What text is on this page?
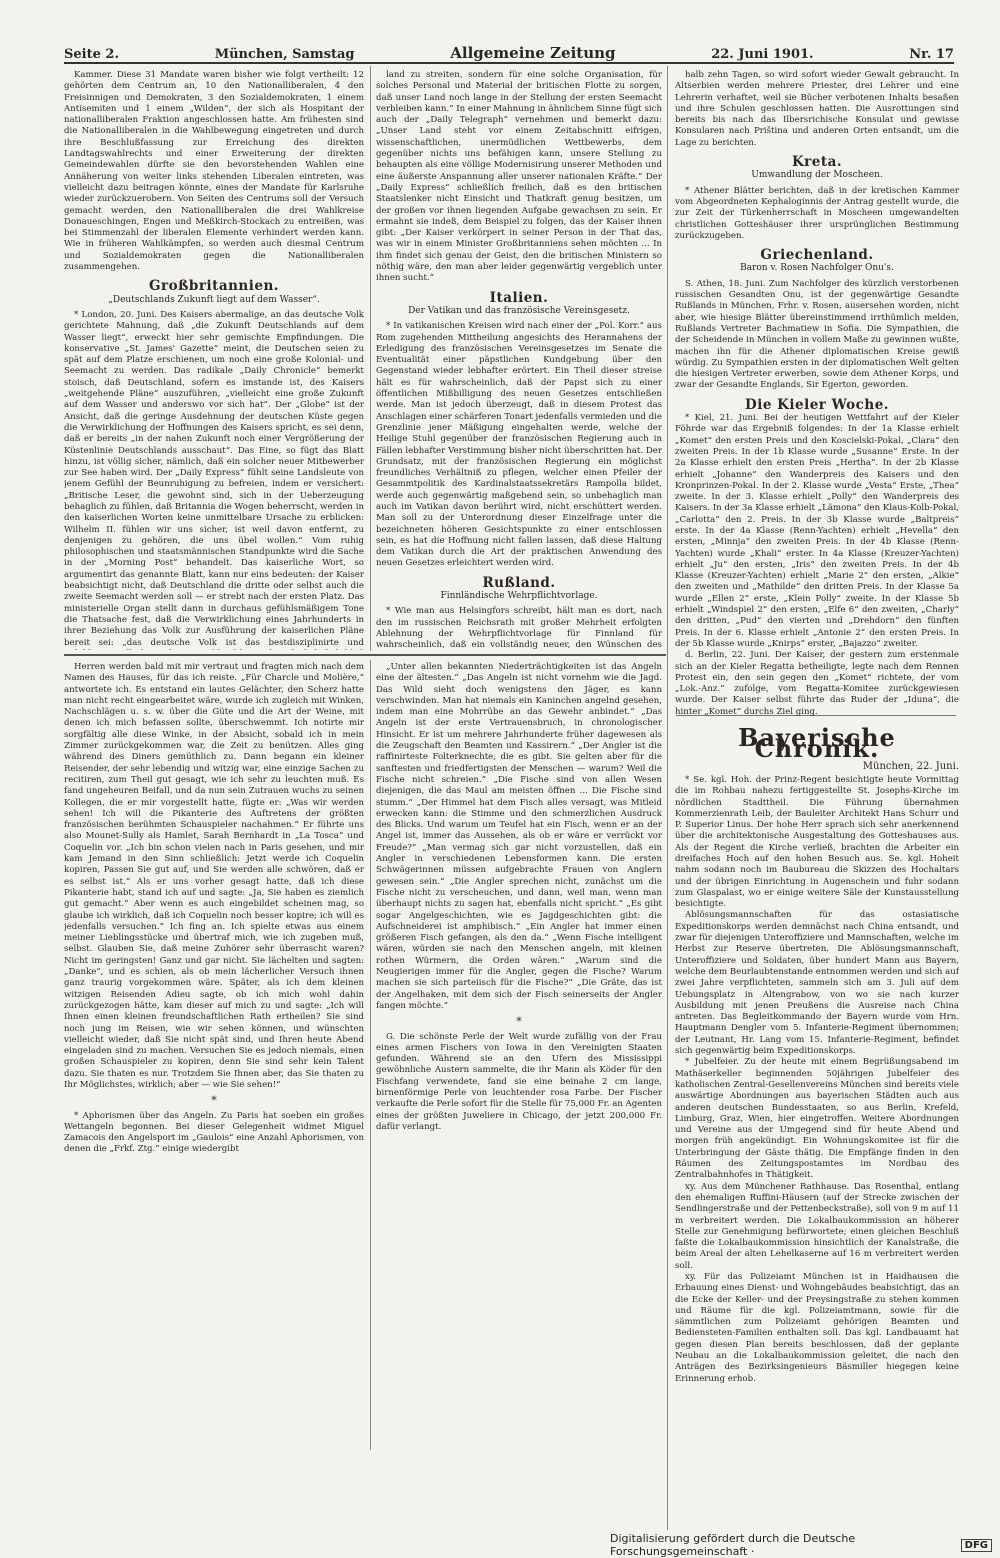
Seite 2.	München, Samstag	Allgemeine Zeitung	22. Juni 1901.	Nr. 17

Kammer. Diese 31 Mandate waren bisher wie folgt vertheilt: 12 gehörten dem Centrum an, 10 den Nationalliberalen, 4 den Freisinnigen und Demokraten, 3 den Sozialdemokraten, 1 einem Antisemiten und 1 einem „Wilden“, der sich als Hospitant der nationalliberalen Fraktion angeschlossen hatte. Am frühesten sind die Nationalliberalen in die Wahlbewegung eingetreten und durch ihre Beschlußfassung zur Erreichung des direkten Landtagswahlrechts und einer Erweiterung der direkten Gemeindewahlen dürfte sie den bevorstehenden Wahlen eine Annäherung von weiter links stehenden Liberalen eintreten, was vielleicht dazu beitragen könnte, eines der Mandate für Karlsruhe wieder zurückzuerobern. Von Seiten des Centrums soll der Versuch gemacht werden, den Nationalliberalen die drei Wahlkreise Donaueschingen, Engen und Meßkirch-Stockach zu entreißen, was bei Stimmenzahl der liberalen Elemente verhindert werden kann. Wie in früheren Wahlkämpfen, so werden auch diesmal Centrum und Sozialdemokraten gegen die Nationalliberalen zusammengehen.

Großbritannien.
„Deutschlands Zukunft liegt auf dem Wasser“.

* London, 20. Juni. Des Kaisers abermalige, an das deutsche Volk gerichtete Mahnung, daß „die Zukunft Deutschlands auf dem Wasser liegt“, erweckt hier sehr gemischte Empfindungen. Die konservative „St. James' Gazette“ meint, die Deutschen seien zu spät auf dem Platze erschienen, um noch eine große Kolonial- und Seemacht zu werden. Das radikale „Daily Chronicle“ bemerkt stoisch, daß Deutschland, sofern es imstande ist, des Kaisers „weitgehende Pläne“ auszuführen, „vielleicht eine große Zukunft auf dem Wasser und anderswo vor sich hat“. Der „Globe“ ist der Ansicht, daß die geringe Ausdehnung der deutschen Küste gegen die Verwirklichung der Hoffnungen des Kaisers spricht, es sei denn, daß er bereits „in der nahen Zukunft noch einer Vergrößerung der Küstenlinie Deutschlands ausschaut“. Das Eine, so fügt das Blatt hinzu, ist völlig sicher, nämlich, daß ein solcher neuer Mitbewerber zur See haben wird. Der „Daily Express“ fühlt seine Landsleute von jenem Gefühl der Beunruhigung zu befreien, indem er versichert: „Britische Leser, die gewohnt sind, sich in der Ueberzeugung behaglich zu fühlen, daß Britannia die Wogen beherrscht, werden in den kaiserlichen Worten keine unmittelbare Ursache zu erblicken: Wilhelm II. fühlen wir uns sicher, ist weil davon entfernt, zu denjenigen zu gehören, die uns übel wollen.“ Vom ruhig philosophischen und staatsmännischen Standpunkte wird die Sache in der „Morning Post“ behandelt. Das kaiserliche Wort, so argumentirt das genannte Blatt, kann nur eins bedeuten: der Kaiser beabsichtigt nicht, daß Deutschland die dritte oder selbst auch die zweite Seemacht werden soll — er strebt nach der ersten Platz. Das ministerielle Organ stellt dann in durchaus gefühlsmäßigem Tone die Thatsache fest, daß die Verwirklichung eines Jahrhunderts in ihrer Beziehung das Volk zur Ausführung der kaiserlichen Pläne bereit sei: „das deutsche Volk ist das bestdisziplinirte und

land zu streiten, sondern für eine solche Organisation, für solches Personal und Material der britischen Flotte zu sorgen, daß unser Land noch lange in der Stellung der ersten Seemacht verbleiben kann.“ In einer Mahnung in ähnlichem Sinne fügt sich auch der „Daily Telegraph“ vernehmen und bemerkt dazu: „Unser Land steht vor einem Zeitabschnitt eifrigen, wissenschaftlichen, unermüdlichen Wettbewerbs, dem gegenüber nichts uns befähigen kann, unsere Stellung zu behaupten als eine völlige Modernisirung unserer Methoden und eine äußerste Anspannung aller unserer nationalen Kräfte.“ Der „Daily Express“ schließlich freilich, daß es den britischen Staatslenker nicht Einsicht und Thatkraft genug besitzen, um der großen vor ihnen liegenden Aufgabe gewachsen zu sein. Er ermahnt sie indeß, dem Beispiel zu folgen, das der Kaiser ihnen gibt: „Der Kaiser verkörpert in seiner Person in der That das, was wir in einem Minister Großbritanniens sehen möchten ... In ihm findet sich genau der Geist, den die britischen Ministern so nöthig wäre, den man aber leider gegenwärtig vergeblich unter ihnen sucht.“

Italien.
Der Vatikan und das französische Vereinsgesetz.

* In vatikanischen Kreisen wird nach einer der „Pol. Korr.“ aus Rom zugehenden Mittheilung angesichts des Herannahens der Erledigung des französischen Vereinsgesetzes im Senate die Eventualität einer päpstlichen Kundgebung über den Gegenstand wieder lebhafter erörtert. Ein Theil dieser streise hält es für wahrscheinlich, daß der Papst sich zu einer öffentlichen Mißbilligung des neuen Gesetzes entschließen werde. Man ist jedoch überzeugt, daß in diesem Protest das Anschlagen einer schärferen Tonart jedenfalls vermieden und die Grenzlinie jener Mäßigung eingehalten werde, welche der Heilige Stuhl gegenüber der französischen Regierung auch in Fällen lebhafter Verstimmung bisher nicht überschritten hat. Der Grundsatz, mit der französischen Regierung ein möglichst freundliches Verhältniß zu pflegen, welcher einen Pfeiler der Gesammtpolitik des Kardinalstaatssekretärs Rampolla bildet, werde auch gegenwärtig maßgebend sein, so unbehaglich man auch im Vatikan davon berührt wird, nicht erschüttert werden. Man soll zu der Unterordnung dieser Einzelfrage unter die bezeichneten höheren Gesichtspunkte zu einer entschlossen sein, es hat die Hoffnung nicht fallen lassen, daß diese Haltung dem Vatikan durch die Art der praktischen Anwendung des neuen Gesetzes erleichtert werden wird.

Rußland.
Finnländische Wehrpflichtvorlage.

* Wie man aus Helsingfors schreibt, hält man es dort, nach den im russischen Reichsrath mit großer Mehrheit erfolgten Ablehnung der Wehrpflichtvorlage für Finnland für wahrscheinlich, daß ein vollständig neuer, den Wünschen des

halb zehn Tagen, so wird sofort wieder Gewalt gebraucht. In Altserbien werden mehrere Priester, drei Lehrer und eine Lehrerin verhaftet, weil sie Bücher verbotenen Inhalts besaßen und ihre Schulen geschlossen hatten. Die Ausrottungen sind bereits bis nach das Ilbersrichische Konsulat und gewisse Konsularen nach Priština und anderen Orten entsandt, um die Lage zu berichten.

Kreta.
Umwandlung der Moscheen.

* Athener Blätter berichten, daß in der kretischen Kammer vom Abgeordneten Kephaloginnis der Antrag gestellt wurde, die zur Zeit der Türkenherrschaft in Moscheen umgewandelten christlichen Gotteshäuser ihrer ursprünglichen Bestimmung zurückzugeben.

Griechenland.
Baron v. Rosen Nachfolger Onu's.

S. Athen, 18. Juni. Zum Nachfolger des kürzlich verstorbenen russischen Gesandten Onu, ist der gegenwärtige Gesandte Rußlands in München, Frhr. v. Rosen, ausersehen worden, nicht aber, wie hiesige Blätter übereinstimmend irrthümlich melden, Rußlands Vertreter Bachmatiew in Sofia. Die Sympathien, die der Scheidende in München in vollem Maße zu gewinnen wußte, machen ihn für die Athener diplomatischen Kreise gewiß würdig. Zu Sympathien ersten in der diplomatischen Welt gelten die hiesigen Vertreter erwerben, sowie dem Athener Korps, und zwar der Gesandte Englands, Sir Egerton, geworden.

Die Kieler Woche.

* Kiel, 21. Juni. Bei der heutigen Wettfahrt auf der Kieler Föhrde war das Ergebniß folgendes: In der 1a Klasse erhielt „Komet“ den ersten Preis und den Koscielski-Pokal, „Clara“ den zweiten Preis. In der 1b Klasse wurde „Susanne“ Erste. In der 2a Klasse erhielt den ersten Preis „Hertha“. In der 2b Klasse erhielt „Johanne“ den Wanderpreis des Kaisers und den Kronprinzen-Pokal. In der 2. Klasse wurde „Vesta“ Erste, „Thea“ zweite. In der 3. Klasse erhielt „Polly“ den Wanderpreis des Kaisers. In der 3a Klasse erhielt „Lämona“ den Klaus-Kolb-Pokal, „Carlotta“ den 2. Preis. In der 3b Klasse wurde „Baltpreis“ erste. In der 4a Klasse (Renn-Yachten) erhielt „Hevella“ den ersten, „Minnja“ den zweiten Preis. In der 4b Klasse (Renn-Yachten) wurde „Khali“ erster. In 4a Klasse (Kreuzer-Yachten) erhielt „Ju“ den ersten, „Iris“ den zweiten Preis. In der 4b Klasse (Kreuzer-Yachten) erhielt „Marie 2“ den ersten, „Alkie“ den zweiten und „Mathilde“ den dritten Preis. In der Klasse 5a wurde „Ellen 2“ erste, „Klein Polly“ zweite. In der Klasse 5b erhielt „Windspiel 2“ den ersten, „Elfe 6“ den zweiten, „Charly“ den dritten, „Pud“ den vierten und „Drehdorn“ den fünften Preis. In der 6. Klasse erhielt „Antonie 2“ den ersten Preis. In der 5b Klasse wurde „Knirps“ erster, „Bajazzo“ zweiter.

d. Berlin, 22. Juni. Der Kaiser, der gestern zum erstenmale sich an der Kieler Regatta betheiligte, legte nach dem Rennen Protest ein, den sein gegen den „Komet“ richtete, der vom „Lok.-Anz.“ zufolge, vom Regatta-Komitee zurückgewiesen wurde. Der Kaiser selbst führte das Ruder der „Iduna“, die hinter „Komet“ durchs Ziel ging.

Bayerische Chronik.
München, 22. Juni.

* Se. kgl. Hoh. der Prinz-Regent besichtigte heute Vormittag die im Rohbau nahezu fertiggestellte St. Josephs-Kirche im nördlichen Stadttheil. Die Führung übernahmen Kommerzienrath Leib, der Bauleiter Architekt Hans Schurr und P. Superior Linus. Der hohe Herr sprach sich sehr anerkennend über die architektonische Ausgestaltung des Gotteshauses aus. Als der Regent die Kirche verließ, brachten die Arbeiter ein dreifaches Hoch auf den hohen Besuch aus. Se. kgl. Hoheit nahm sodann noch im Baubureau die Skizzen des Hochaltars und der übrigen Einrichtung in Augenschein und fuhr sodann zum Glaspalast, wo er einige weitere Säle der Kunstausstellung besichtigte.

Ablösungsmannschaften für das ostasiatische Expeditionskorps werden demnächst nach China entsandt, und zwar für diejenigen Unteroffiziere und Mannschaften, welche im Herbst zur Reserve übertreten. Die Ablösungsmannschaft, Unteroffiziere und Soldaten, über hundert Mann aus Bayern, welche dem Beurlaubtenstande entnommen werden und sich auf zwei Jahre verpflichteten, sammeln sich am 3. Juli auf dem Uebungsplatz in Altengrabow, von wo sie nach kurzer Ausbildung mit jenen Preußens die Ausreise nach China antreten. Das Begleitkommando der Bayern wurde vom Hrn. Hauptmann Dengler vom 5. Infanterie-Regiment übernommen; der Leutnant, Hr. Lang vom 15. Infanterie-Regiment, befindet sich gegenwärtig beim Expeditionskorps.

* Jubelfeier. Zu der heute mit einem Begrüßungsabend im Mathäserkeller beginnenden 50jährigen Jubelfeier des katholischen Zentral-Gesellenvereins München sind bereits viele auswärtige Abordnungen aus bayerischen Städten auch aus anderen deutschen Bundesstaaten, so aus Berlin, Krefeld, Limburg, Graz, Wien, hier eingetroffen. Weitere Abordnungen und Vereine aus der Umgegend sind für heute Abend und morgen früh angekündigt. Ein Wohnungskomitee ist für die Unterbringung der Gäste thätig. Die Empfänge finden in den Räumen des Zeitungspostamtes im Nordbau des Zentralbahnhofes in Thätigkeit.

xy. Aus dem Münchener Rathhause. Das Rosenthal, entlang den ehemaligen Ruffini-Häusern (auf der Strecke zwischen der Sendlingerstraße und der Pettenbeckstraße), soll von 9 m auf 11 m verbreitert werden. Die Lokalbaukommission an höherer Stelle zur Genehmigung befürwortete; einen gleichen Beschluß faßte die Lokalbaukommission hinsichtlich der Kanalstraße, die beim Areal der alten Lehelkaserne auf 16 m verbreitert werden soll.

xy. Für das Polizeiamt München ist in Haidhausen die Erbauung eines Dienst- und Wohngebäudes beabsichtigt, das an die Ecke der Keller- und der Preysingstraße zu stehen kommen und Räume für die kgl. Polizeiamtmann, sowie für die sämmtlichen zum Polizeiamt gehörigen Beamten und Bediensteten-Familien enthalten soll. Das kgl. Landbauamt hat gegen diesen Plan bereits beschlossen, daß der geplante Neubau an die Lokalbaukommission geleitet, die nach den Anträgen des Bezirksingenieurs Bäsmiller hiegegen keine Erinnerung erhob.

Herren werden bald mit mir vertraut und fragten mich nach dem Namen des Hauses, für das ich reiste. „Für Charcle und Molière,“ antwortete ich. Es entstand ein lautes Gelächter, den Scherz hatte man nicht recht eingearbeitet wäre, wurde ich zugleich mit Winken, Nachschlägen u. s. w. über die Güte und die Art der Weine, mit denen ich mich befassen sollte, überschwemmt. Ich notirte mir sorgfältig alle diese Winke, in der Absicht, sobald ich in mein Zimmer zurückgekommen war, die Zeit zu benützen. Alles ging während des Diners gemüthlich zu. Dann begann ein kleiner Reisender, der sehr lebendig und witzig war, eine einzige Sachen zu recitiren, zum Theil gut gesagt, wie ich sehr zu leuchten muß. Es fand ungeheuren Beifall, und da nun sein Zutrauen wuchs zu seinen Kollegen, die er mir vorgestellt hatte, fügte er: „Was wir werden sehen! Ich will die Pikanterie des Auftretens der größten französischen berühmten Schauspieler nachahmen.“ Er führte uns also Mounet-Sully als Hamlet, Sarah Bernhardt in „La Tosca“ und Coquelin vor. „Ich bin schon vielen nach in Paris gesehen, und mir kam Jemand in den Sinn schließlich: Jetzt werde ich Coquelin kopiren, Passen Sie gut auf, und Sie werden alle schwören, daß er es selbst ist.“ Als er uns vorher gesagt hatte, daß ich diese Pikanterie habt, stand ich auf und sagte: „Ja, Sie haben es ziemlich gut gemacht.“ Aber wenn es auch eingebildet scheinen mag, so glaube ich wirklich, daß ich Coquelin noch besser kopire; ich will es jedenfalls versuchen.“ Ich fing an. Ich spielte etwas aus einem meiner Lieblingsstücke und übertraf mich, wie ich zugeben muß, selbst. Glauben Sie, daß meine Zuhörer sehr überrascht waren? Nicht im geringsten! Ganz und gar nicht. Sie lächelten und sagten: „Danke“, und es schien, als ob mein lächerlicher Versuch ihnen ganz traurig vorgekommen wäre. Später, als ich dem kleinen witzigen Reisenden Adieu sagte, ob ich mich wohl dahin zurückgezogen hätte, kam dieser auf mich zu und sagte: „Ich will Ihnen einen kleinen freundschaftlichen Rath ertheilen? Sie sind noch jung im Reisen, wie wir sehen können, und wünschten vielleicht wieder, daß Sie nicht spät sind, und Ihren heute Abend eingeladen sind zu machen. Versuchen Sie es jedoch niemals, einen großen Schauspieler zu kopiren, denn Sie sind sehr kein Talent dazu. Sie thaten es nur. Trotzdem Sie Ihnen aber, das Sie thaten zu Ihr Möglichstes, wirklich; aber — wie Sie sehen!“

*

* Aphorismen über das Angeln. Zu Paris hat soeben ein großes Wettangeln begonnen. Bei dieser Gelegenheit widmet Miguel Zamacois den Angelsport im „Gaulois“ eine Anzahl Aphorismen, von denen die „Frkf. Ztg.“ einige wiedergibt

„Unter allen bekannten Niederträchtigkeiten ist das Angeln eine der ältesten.“ „Das Angeln ist nicht vornehm wie die Jagd. Das Wild sieht doch wenigstens den Jäger, es kann verschwinden. Man hat niemals ein Kaninchen angelnd gesehen, indem man eine Mohrrübe an das Gewehr anbindet.“ „Das Angeln ist der erste Vertrauensbruch, in chronologischer Hinsicht. Er ist um mehrere Jahrhunderte früher dagewesen als die Zeugschaft den Beamten und Kassirern.“ „Der Angler ist die raffinirteste Folterknechte, die es gibt. Sie gelten aber für die sanftesten und friedfertigsten der Menschen — warum? Weil die Fische nicht schreien.“ „Die Fische sind von allen Wesen diejenigen, die das Maul am meisten öffnen ... Die Fische sind stumm.“ „Der Himmel hat dem Fisch alles versagt, was Mitleid erwecken kann: die Stimme und den schmerzlichen Ausdruck des Blicks. Und warum um Teufel hat ein Fisch, wenn er an der Angel ist, immer das Aussehen, als ob er wäre er verrückt vor Freude?“ „Man vermag sich gar nicht vorzustellen, daß ein Angler in verschiedenen Lebensformen kann. Die ersten Schwägerinnen müssen aufgebrachte Frauen von Anglern gewesen sein.“ „Die Angler sprechen nicht, zunächst um die Fische nicht zu verscheuchen, und dann, weil man, wenn man überhaupt nichts zu sagen hat, ebenfalls nicht spricht.“ „Es gibt sogar Angelgeschichten, wie es Jagdgeschichten gibt: die Aufschneiderei ist amphibisch.“ „Ein Angler hat immer einen größeren Fisch gefangen, als den da.“ „Wenn Fische intelligent wären, würden sie nach den Menschen angeln, mit kleinen rothen Würmern, die Orden wären.“ „Warum sind die Neugierigen immer für die Angler, gegen die Fische? Warum machen sie sich parteiisch für die Fische?“ „Die Gräte, das ist der Angelhaken, mit dem sich der Fisch seinerseits der Angler fangen möchte.“

*

G. Die schönste Perle der Welt wurde zufällig von der Frau eines armen Fischers von Iowa in den Vereinigten Staaten gefunden. Während sie an den Ufern des Mississippi gewöhnliche Austern sammelte, die ihr Mann als Köder für den Fischfang verwendete, fand sie eine beinahe 2 cm lange, birnenförmige Perle von leuchtender rosa Farbe. Der Fischer verkaufte die Perle sofort für die Stelle für 75,000 Fr. an Agenten eines der größten Juweliere in Chicago, der jetzt 200,000 Fr. dafür verlangt.

Digitalisierung gefördert durch die Deutsche Forschungsgemeinschaft ·	DFG
